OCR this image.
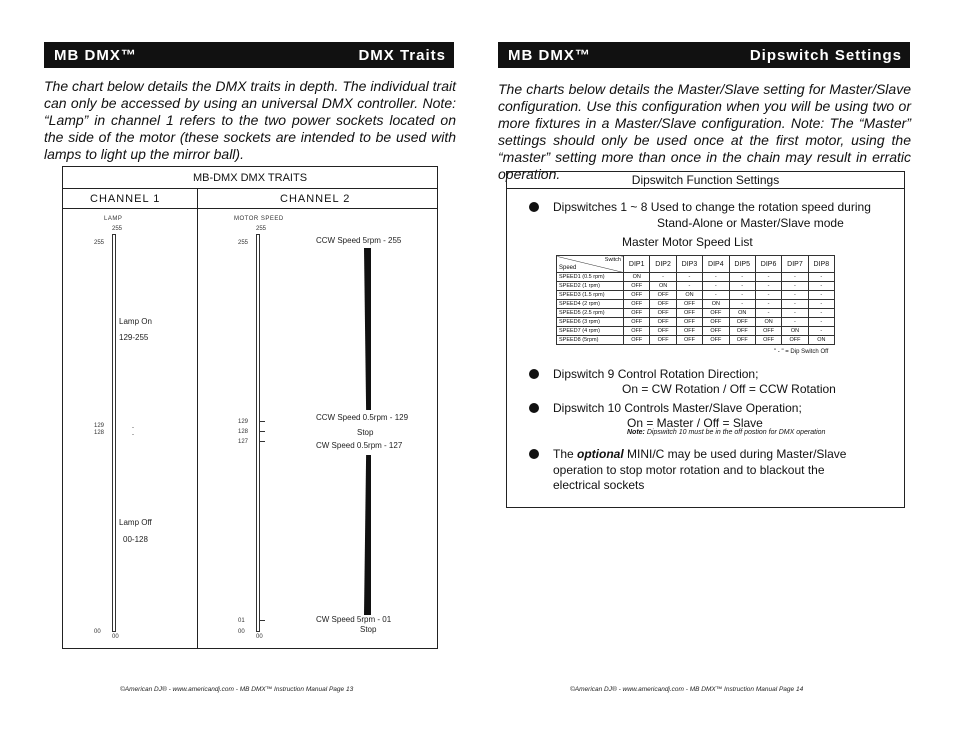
MB DMX™	DMX Traits
The chart below details the DMX traits in depth. The individual trait can only be accessed by using an universal DMX controller. Note: “Lamp” in channel 1 refers to the two power sockets located on the side of the motor (these sockets are intended to be used with lamps to light up the mirror ball).
MB-DMX DMX TRAITS
CHANNEL 1	CHANNEL 2
LAMP
255
255
129
128
00
00
-
-
Lamp On
129-255
Lamp Off
00-128
MOTOR SPEED
255
255
129
128
127
01
00
00
CCW Speed 5rpm - 255
CCW Speed 0.5rpm - 129
Stop
CW Speed 0.5rpm - 127
CW Speed 5rpm - 01
Stop
©American DJ® - www.americandj.com - MB DMX™ Instruction Manual Page 13
MB DMX™	Dipswitch Settings
The charts below details the Master/Slave setting for Master/Slave configuration. Use this configuration when you will be using two or more fixtures in a Master/Slave configuration. Note: The “Master” settings should only be used once at the first motor, using the “master” setting more than once in the chain may result in erratic operation.	Dipswitch Function Settings
Dipswitches 1 ~ 8 Used to change the rotation speed during
Stand-Alone or Master/Slave mode
Master Motor Speed List
Switch
Speed	DIP1	DIP2	DIP3	DIP4	DIP5	DIP6	DIP7	DIP8
SPEED1 (0.5 rpm)	ON	-	-	-	-	-	-	-
SPEED2 (1 rpm)	OFF	ON	-	-	-	-	-	-
SPEED3 (1.5 rpm)	OFF	OFF	ON	-	-	-	-	-
SPEED4 (2 rpm)	OFF	OFF	OFF	ON	-	-	-	-
SPEED5 (2.5 rpm)	OFF	OFF	OFF	OFF	ON	-	-	-
SPEED6 (3 rpm)	OFF	OFF	OFF	OFF	OFF	ON	-	-
SPEED7 (4 rpm)	OFF	OFF	OFF	OFF	OFF	OFF	ON	-
SPEED8 (5rpm)	OFF	OFF	OFF	OFF	OFF	OFF	OFF	ON
" - " = Dip Switch Off
Dipswitch 9 Control Rotation Direction;
On = CW Rotation / Off = CCW Rotation
Dipswitch 10 Controls Master/Slave Operation;
On = Master / Off = Slave
Note: Dipswitch 10 must be in the off postion for DMX operation
The optional MINI/C may be used during Master/Slave
operation to stop motor rotation and to blackout the
electrical sockets
©American DJ® - www.americandj.com - MB DMX™ Instruction Manual Page 14
